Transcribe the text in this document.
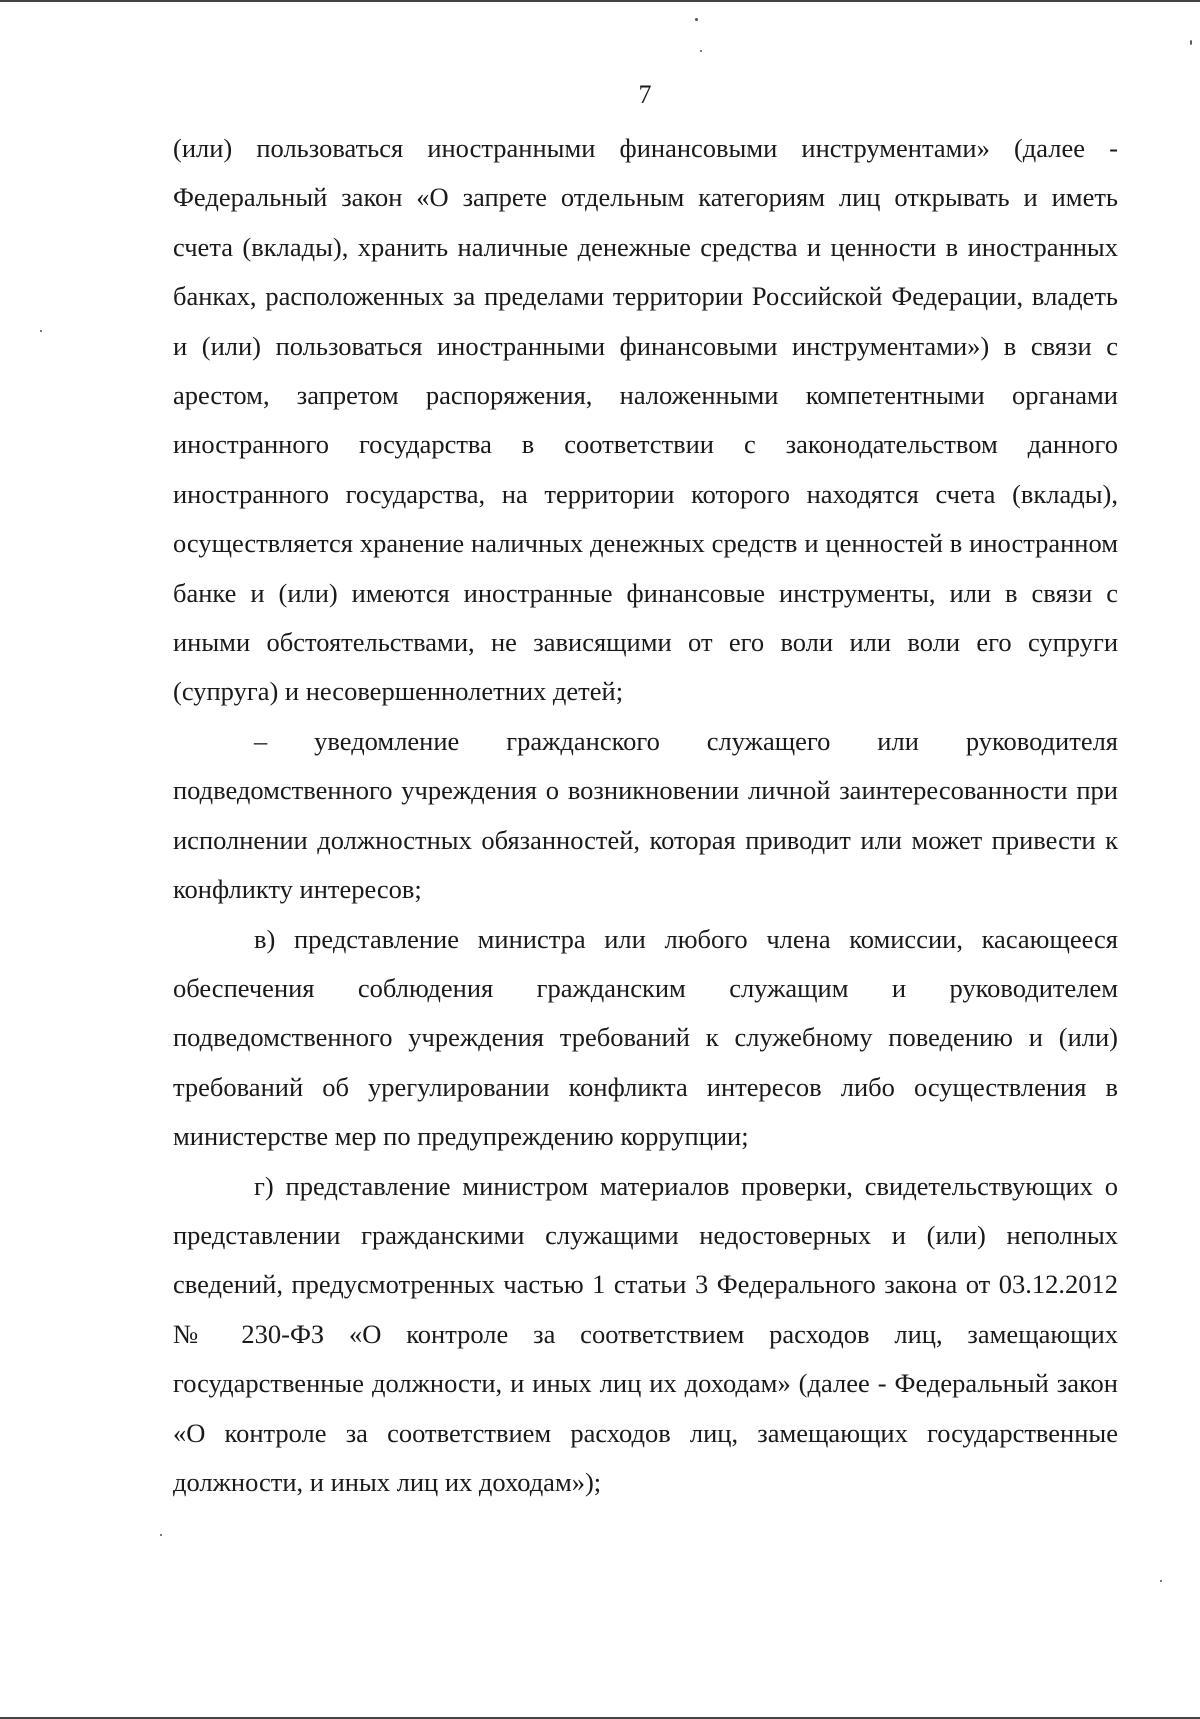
7

(или) пользоваться иностранными финансовыми инструментами» (далее - Федеральный закон «О запрете отдельным категориям лиц открывать и иметь счета (вклады), хранить наличные денежные средства и ценности в иностранных банках, расположенных за пределами территории Российской Федерации, владеть и (или) пользоваться иностранными финансовыми инструментами») в связи с арестом, запретом распоряжения, наложенными компетентными органами иностранного государства в соответствии с законодательством данного иностранного государства, на территории которого находятся счета (вклады), осуществляется хранение наличных денежных средств и ценностей в иностранном банке и (или) имеются иностранные финансовые инструменты, или в связи с иными обстоятельствами, не зависящими от его воли или воли его супруги (супруга) и несовершеннолетних детей;

– уведомление гражданского служащего или руководителя подведомственного учреждения о возникновении личной заинтересованности при исполнении должностных обязанностей, которая приводит или может привести к конфликту интересов;

в) представление министра или любого члена комиссии, касающееся обеспечения соблюдения гражданским служащим и руководителем подведомственного учреждения требований к служебному поведению и (или) требований об урегулировании конфликта интересов либо осуществления в министерстве мер по предупреждению коррупции;

г) представление министром материалов проверки, свидетельствующих о представлении гражданскими служащими недостоверных и (или) неполных сведений, предусмотренных частью 1 статьи 3 Федерального закона от 03.12.2012 № 230-ФЗ «О контроле за соответствием расходов лиц, замещающих государственные должности, и иных лиц их доходам» (далее - Федеральный закон «О контроле за соответствием расходов лиц, замещающих государственные должности, и иных лиц их доходам»);
